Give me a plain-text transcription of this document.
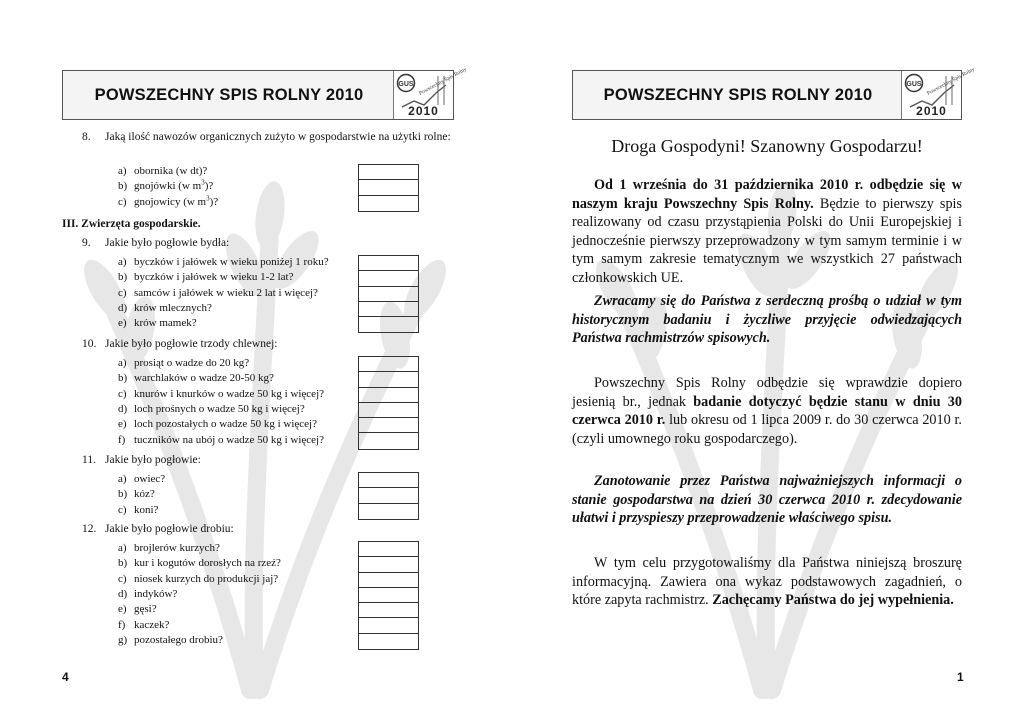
POWSZECHNY SPIS ROLNY 2010
GUS Powszechny Spis Rolny
2010
8.	Jaką ilość nawozów organicznych zużyto w gospodarstwie na użytki rolne:
a) obornika (w dt)?
b) gnojówki (w $m^3$)?
c) gnojowicy (w $m^3$)?
III. Zwierzęta gospodarskie.
9.	Jakie było pogłowie bydła:
a) byczków i jałówek w wieku poniżej 1 roku?
b) byczków i jałówek w wieku 1-2 lat?
c) samców i jałówek w wieku 2 lat i więcej?
d) krów mlecznych?
e) krów mamek?
10. Jakie było pogłowie trzody chlewnej:
a) prosiąt o wadze do 20 kg?
b) warchlaków o wadze 20-50 kg?
c) knurów i knurków o wadze 50 kg i więcej?
d) loch prośnych o wadze 50 kg i więcej?
e) loch pozostałych o wadze 50 kg i więcej?
f) tuczników na ubój o wadze 50 kg i więcej?
11. Jakie było pogłowie:
a) owiec?
b) kóz?
c) koni?
12. Jakie było pogłowie drobiu:
a) brojlerów kurzych?
b) kur i kogutów dorosłych na rzeź?
c) niosek kurzych do produkcji jaj?
d) indyków?
e) gęsi?
f) kaczek?
g) pozostałego drobiu?
4
POWSZECHNY SPIS ROLNY 2010
GUS Powszechny Spis Rolny
2010
Droga Gospodyni! Szanowny Gospodarzu!
Od 1 września do 31 października 2010 r. odbędzie się w naszym kraju Powszechny Spis Rolny. Będzie to pierwszy spis realizowany od czasu przystąpienia Polski do Unii Europejskiej i jednocześnie pierwszy przeprowadzony w tym samym terminie i w tym samym zakresie tematycznym we wszystkich 27 państwach członkowskich UE.
Zwracamy się do Państwa z serdeczną prośbą o udział w tym historycznym badaniu i życzliwe przyjęcie odwiedzających Państwa rachmistrzów spisowych.
Powszechny Spis Rolny odbędzie się wprawdzie dopiero jesienią br., jednak badanie dotyczyć będzie stanu w dniu 30 czerwca 2010 r. lub okresu od 1 lipca 2009 r. do 30 czerwca 2010 r. (czyli umownego roku gospodarczego).
Zanotowanie przez Państwa najważniejszych informacji o stanie gospodarstwa na dzień 30 czerwca 2010 r. zdecydowanie ułatwi i przyspieszy przeprowadzenie właściwego spisu.
W tym celu przygotowaliśmy dla Państwa niniejszą broszurę informacyjną. Zawiera ona wykaz podstawowych zagadnień, o które zapyta rachmistrz. Zachęcamy Państwa do jej wypełnienia.
1
